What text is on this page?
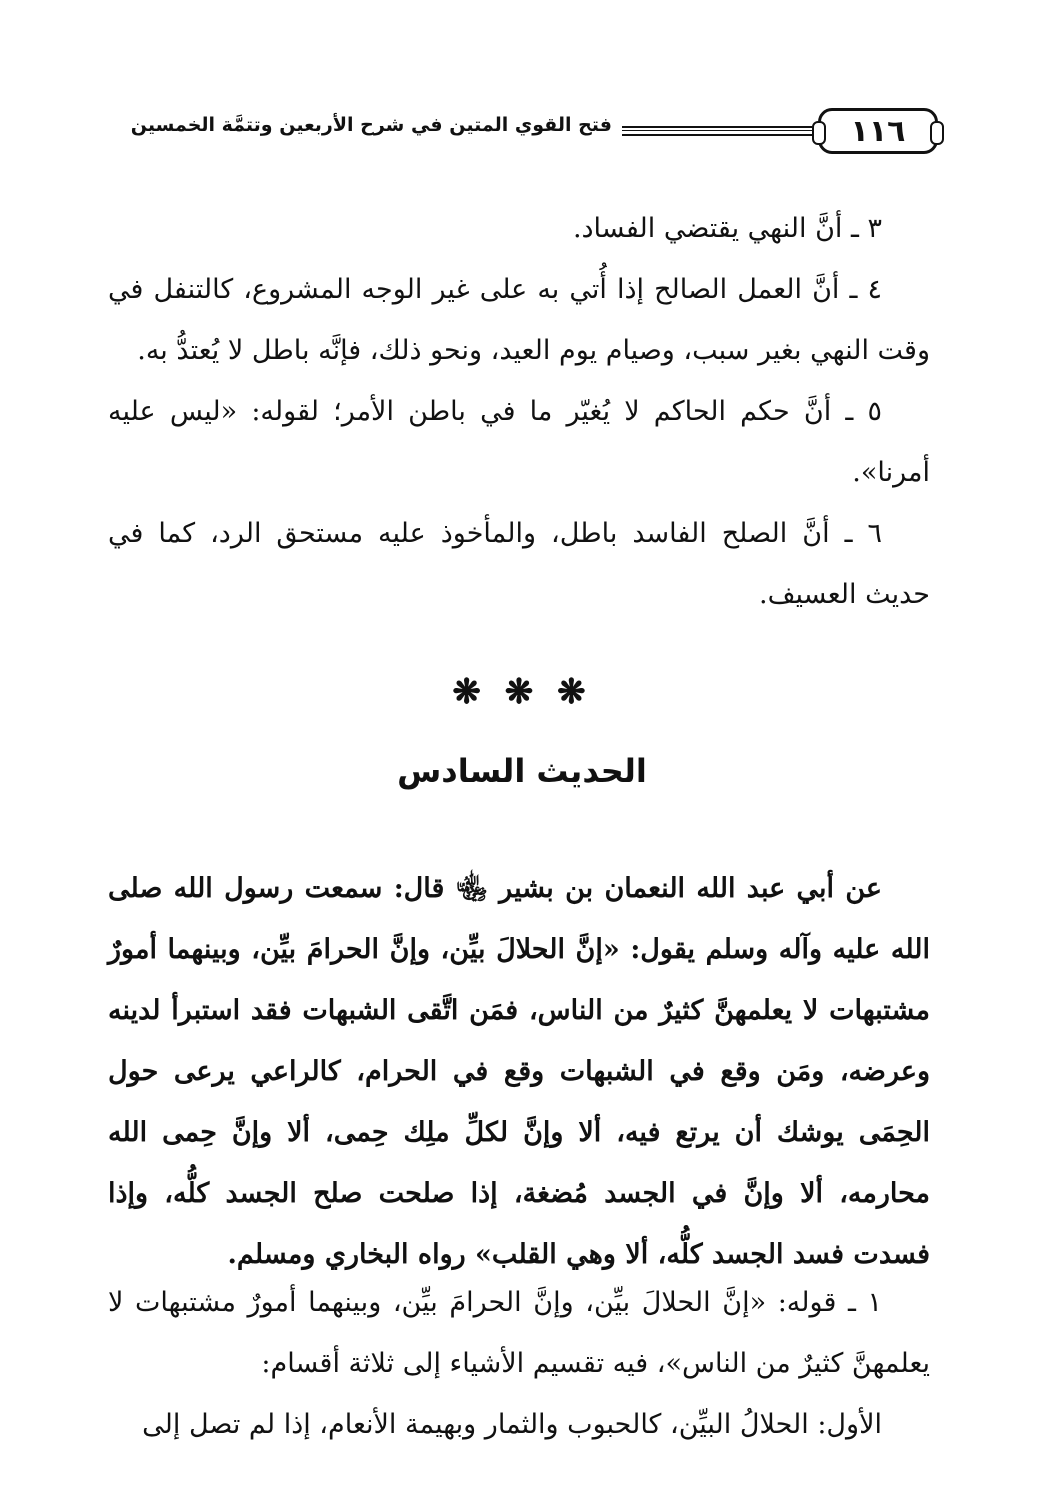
١١٦
فتح القوي المتين في شرح الأربعين وتتمَّة الخمسين

٣ ـ أنَّ النهي يقتضي الفساد.

٤ ـ أنَّ العمل الصالح إذا أُتي به على غير الوجه المشروع، كالتنفل في وقت النهي بغير سبب، وصيام يوم العيد، ونحو ذلك، فإنَّه باطل لا يُعتدُّ به.

٥ ـ أنَّ حكم الحاكم لا يُغيّر ما في باطن الأمر؛ لقوله: «ليس عليه أمرنا».

٦ ـ أنَّ الصلح الفاسد باطل، والمأخوذ عليه مستحق الرد، كما في حديث العسيف.

❋ ❋ ❋
الحديث السادس

عن أبي عبد الله النعمان بن بشير ﵄ قال: سمعت رسول الله صلى الله عليه وآله وسلم يقول: «إنَّ الحلالَ بيِّن، وإنَّ الحرامَ بيِّن، وبينهما أمورٌ مشتبهات لا يعلمهنَّ كثيرٌ من الناس، فمَن اتَّقى الشبهات فقد استبرأ لدينه وعرضه، ومَن وقع في الشبهات وقع في الحرام، كالراعي يرعى حول الحِمَى يوشك أن يرتع فيه، ألا وإنَّ لكلِّ ملِك حِمى، ألا وإنَّ حِمى الله محارمه، ألا وإنَّ في الجسد مُضغة، إذا صلحت صلح الجسد كلُّه، وإذا فسدت فسد الجسد كلُّه، ألا وهي القلب» رواه البخاري ومسلم.

١ ـ قوله: «إنَّ الحلالَ بيِّن، وإنَّ الحرامَ بيِّن، وبينهما أمورٌ مشتبهات لا يعلمهنَّ كثيرٌ من الناس»، فيه تقسيم الأشياء إلى ثلاثة أقسام:

الأول: الحلالُ البيِّن، كالحبوب والثمار وبهيمة الأنعام، إذا لم تصل إلى
